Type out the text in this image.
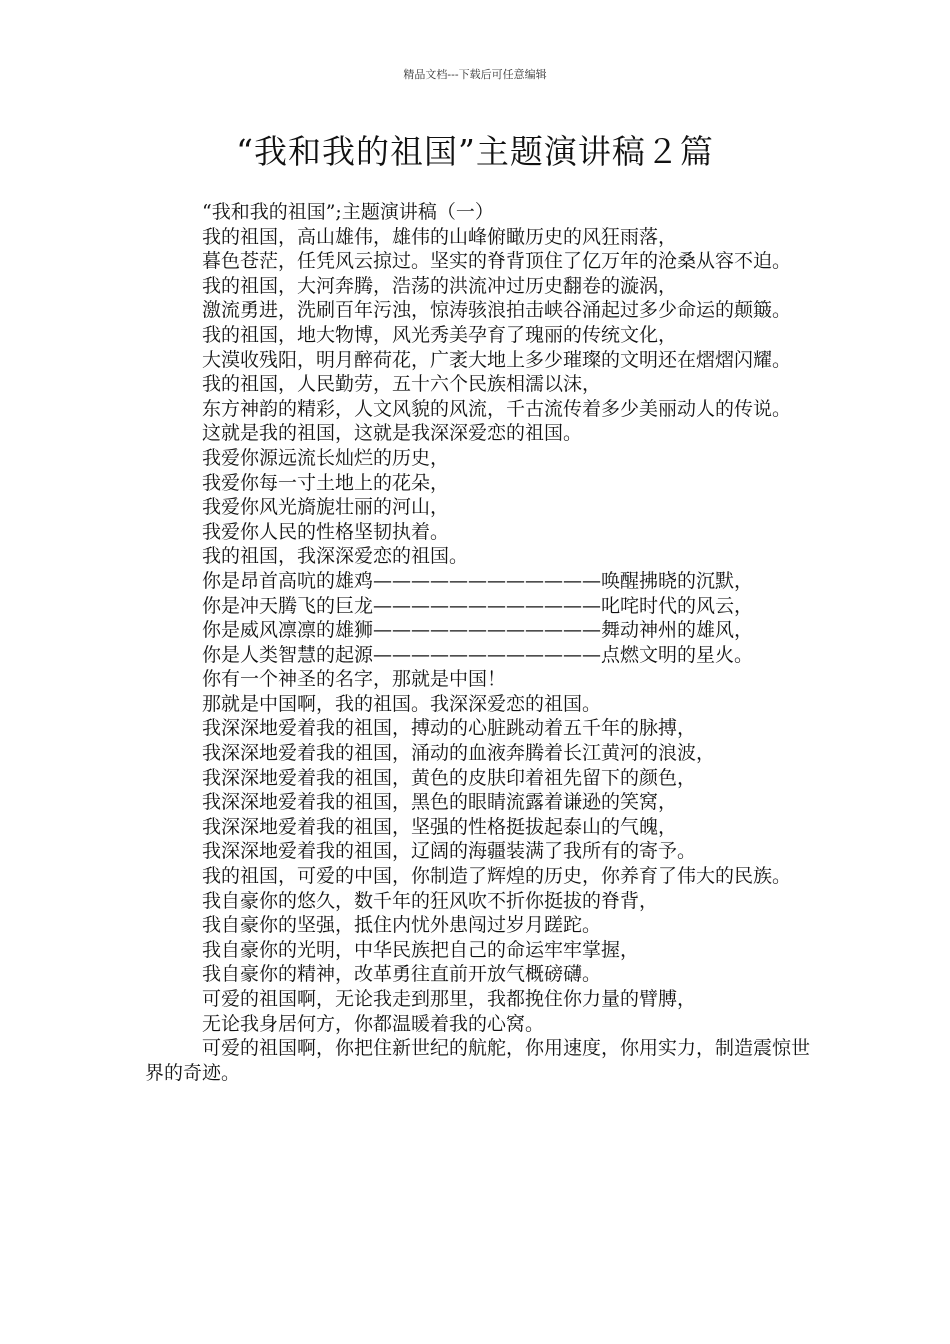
精品文档---下载后可任意编辑
“我和我的祖国”主题演讲稿２篇

“我和我的祖国”;主题演讲稿（一）

我的祖国，高山雄伟，雄伟的山峰俯瞰历史的风狂雨落，

暮色苍茫，任凭风云掠过。坚实的脊背顶住了亿万年的沧桑从容不迫。

我的祖国，大河奔腾，浩荡的洪流冲过历史翻卷的漩涡，

激流勇进，洗刷百年污浊，惊涛骇浪拍击峡谷涌起过多少命运的颠簸。

我的祖国，地大物博，风光秀美孕育了瑰丽的传统文化，

大漠收残阳，明月醉荷花，广袤大地上多少璀璨的文明还在熠熠闪耀。

我的祖国，人民勤劳，五十六个民族相濡以沫，

东方神韵的精彩，人文风貌的风流，千古流传着多少美丽动人的传说。

这就是我的祖国，这就是我深深爱恋的祖国。

我爱你源远流长灿烂的历史，

我爱你每一寸土地上的花朵，

我爱你风光旖旎壮丽的河山，

我爱你人民的性格坚韧执着。

我的祖国，我深深爱恋的祖国。

你是昂首高吭的雄鸡————————————唤醒拂晓的沉默，

你是冲天腾飞的巨龙————————————叱咤时代的风云，

你是威风凛凛的雄狮————————————舞动神州的雄风，

你是人类智慧的起源————————————点燃文明的星火。

你有一个神圣的名字，那就是中国！

那就是中国啊，我的祖国。我深深爱恋的祖国。

我深深地爱着我的祖国，搏动的心脏跳动着五千年的脉搏，

我深深地爱着我的祖国，涌动的血液奔腾着长江黄河的浪波，

我深深地爱着我的祖国，黄色的皮肤印着祖先留下的颜色，

我深深地爱着我的祖国，黑色的眼睛流露着谦逊的笑窝，

我深深地爱着我的祖国，坚强的性格挺拔起泰山的气魄，

我深深地爱着我的祖国，辽阔的海疆装满了我所有的寄予。

我的祖国，可爱的中国，你制造了辉煌的历史，你养育了伟大的民族。

我自豪你的悠久，数千年的狂风吹不折你挺拔的脊背，

我自豪你的坚强，抵住内忧外患闯过岁月蹉跎。

我自豪你的光明，中华民族把自己的命运牢牢掌握，

我自豪你的精神，改革勇往直前开放气概磅礴。

可爱的祖国啊，无论我走到那里，我都挽住你力量的臂膊，

无论我身居何方，你都温暖着我的心窝。

可爱的祖国啊，你把住新世纪的航舵，你用速度，你用实力，制造震惊世界的奇迹。
